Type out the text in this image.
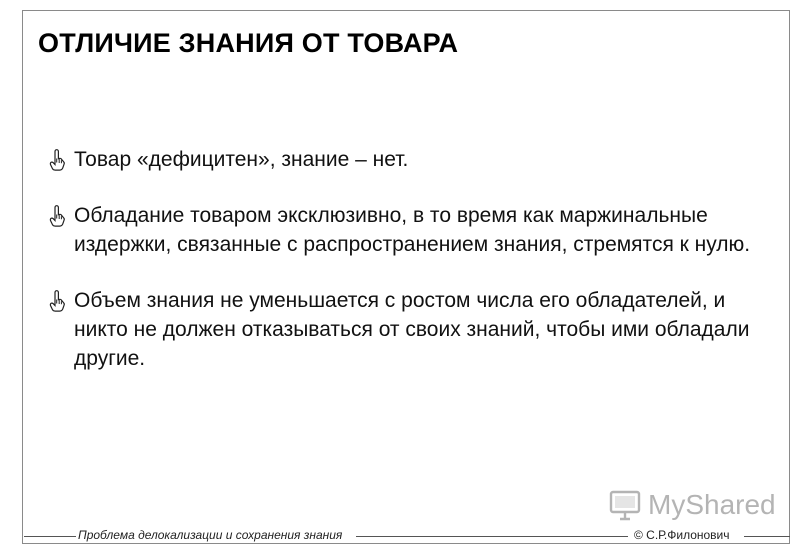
ОТЛИЧИЕ ЗНАНИЯ ОТ ТОВАРА

Товар «дефицитен», знание – нет.

Обладание товаром эксклюзивно, в то время как маржинальные издержки, связанные с распространением знания, стремятся к нулю.

Объем знания не уменьшается с ростом числа его обладателей, и никто не должен отказываться от своих знаний, чтобы ими обладали другие.

MyShared
Проблема делокализации и сохранения знания	© С.Р.Филонович
